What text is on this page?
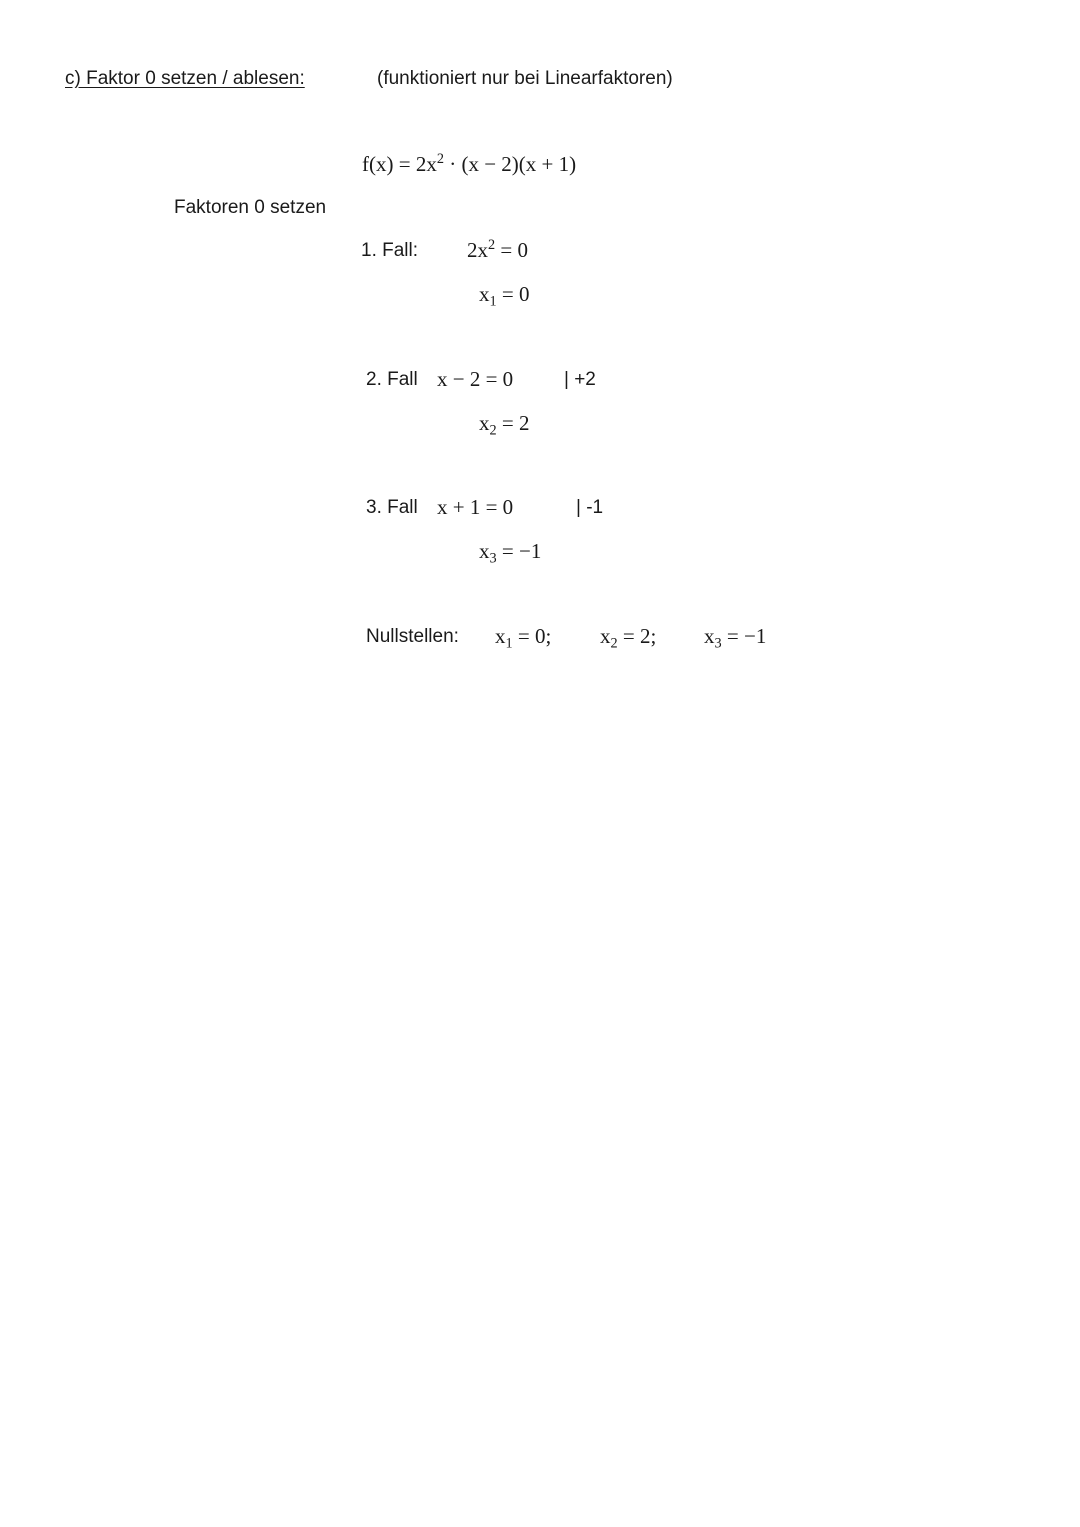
c) Faktor 0 setzen / ablesen:	(funktioniert nur bei Linearfaktoren)
$f(x) = 2x^2 \cdot (x - 2)(x + 1)$
Faktoren 0 setzen
1. Fall: $2x^2 = 0$
$x_1 = 0$
2. Fall x − 2 = 0	| +2
$x_2 = 2$
3. Fall x + 1 = 0	| -1
$x_3 = -1$
Nullstellen: $x_1 = 0$; $x_2 = 2$; $x_3 = -1$
